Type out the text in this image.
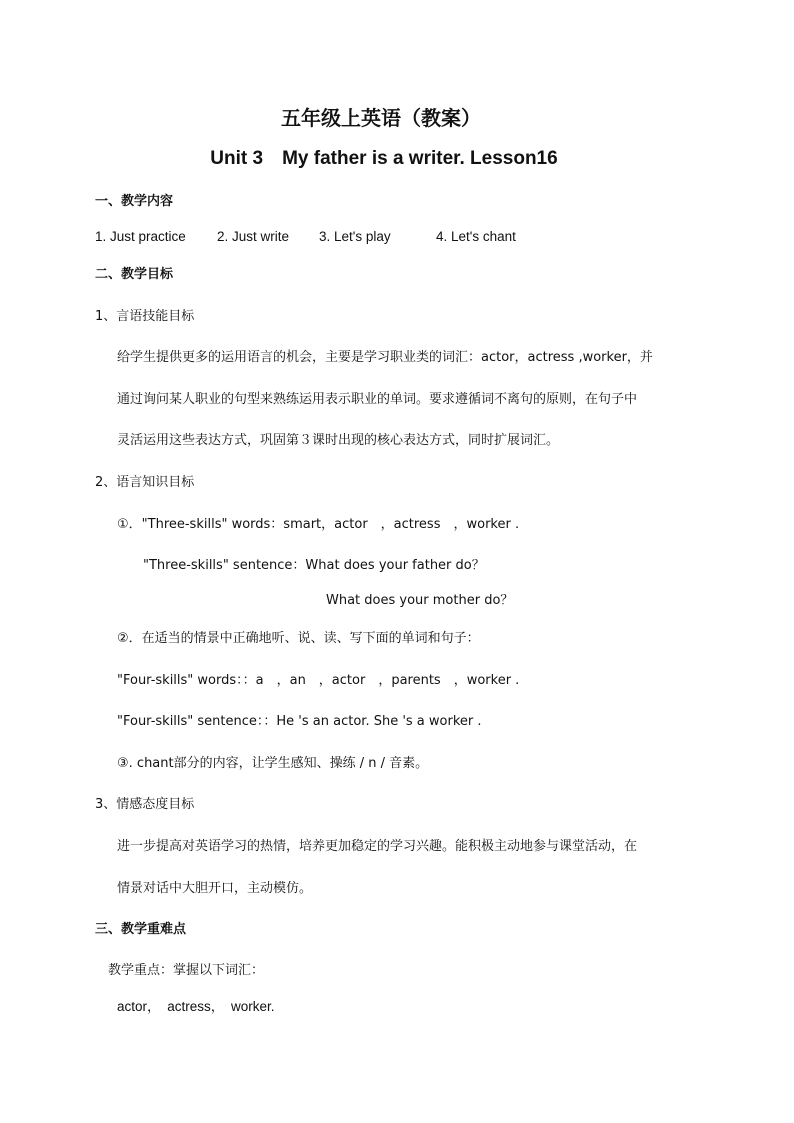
五年级上英语（教案）
Unit 3　My father is a writer. Lesson16
一、教学内容
1. Just practice 2. Just write 3. Let's play	4. Let's chant
二、教学目标
1、言语技能目标
给学生提供更多的运用语言的机会，主要是学习职业类的词汇：actor，actress ,worker，并
通过询问某人职业的句型来熟练运用表示职业的单词。要求遵循词不离句的原则，在句子中
灵活运用这些表达方式，巩固第３课时出现的核心表达方式，同时扩展词汇。
2、语言知识目标
①．"Three-skills" words：smart，actor　，actress　，worker .
"Three-skills" sentence：What does your father do？
What does your mother do？
②．在适当的情景中正确地听、说、读、写下面的单词和句子：
"Four-skills" words：：a　，an　，actor　，parents　，worker .
"Four-skills" sentence：：He 's an actor. She 's a worker .
③. chant部分的内容，让学生感知、操练 / n / 音素。
3、情感态度目标
进一步提高对英语学习的热情，培养更加稳定的学习兴趣。能积极主动地参与课堂活动，在
情景对话中大胆开口，主动模仿。
三、教学重难点
教学重点：掌握以下词汇：
actor，　actress，　worker.
